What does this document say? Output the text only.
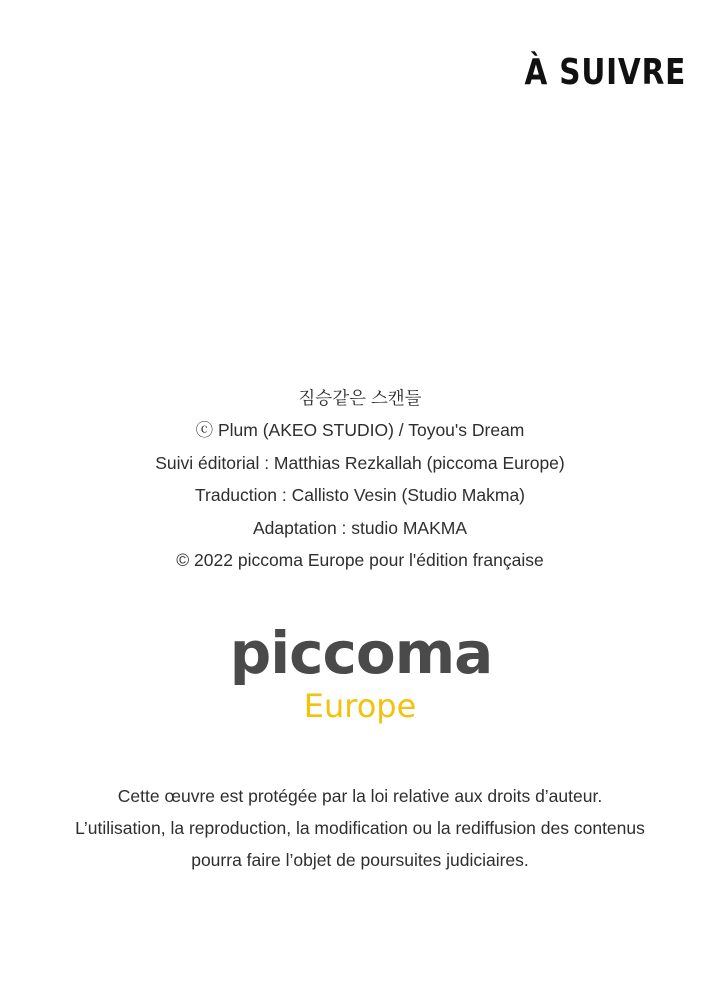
À SUIVRE
짐승같은 스캔들
ⓒ Plum (AKEO STUDIO) / Toyou's Dream
Suivi éditorial : Matthias Rezkallah (piccoma Europe)
Traduction : Callisto Vesin (Studio Makma)
Adaptation : studio MAKMA
© 2022 piccoma Europe pour l'édition française
piccoma
Europe
Cette œuvre est protégée par la loi relative aux droits d’auteur.
L’utilisation, la reproduction, la modification ou la rediffusion des contenus
pourra faire l’objet de poursuites judiciaires.
